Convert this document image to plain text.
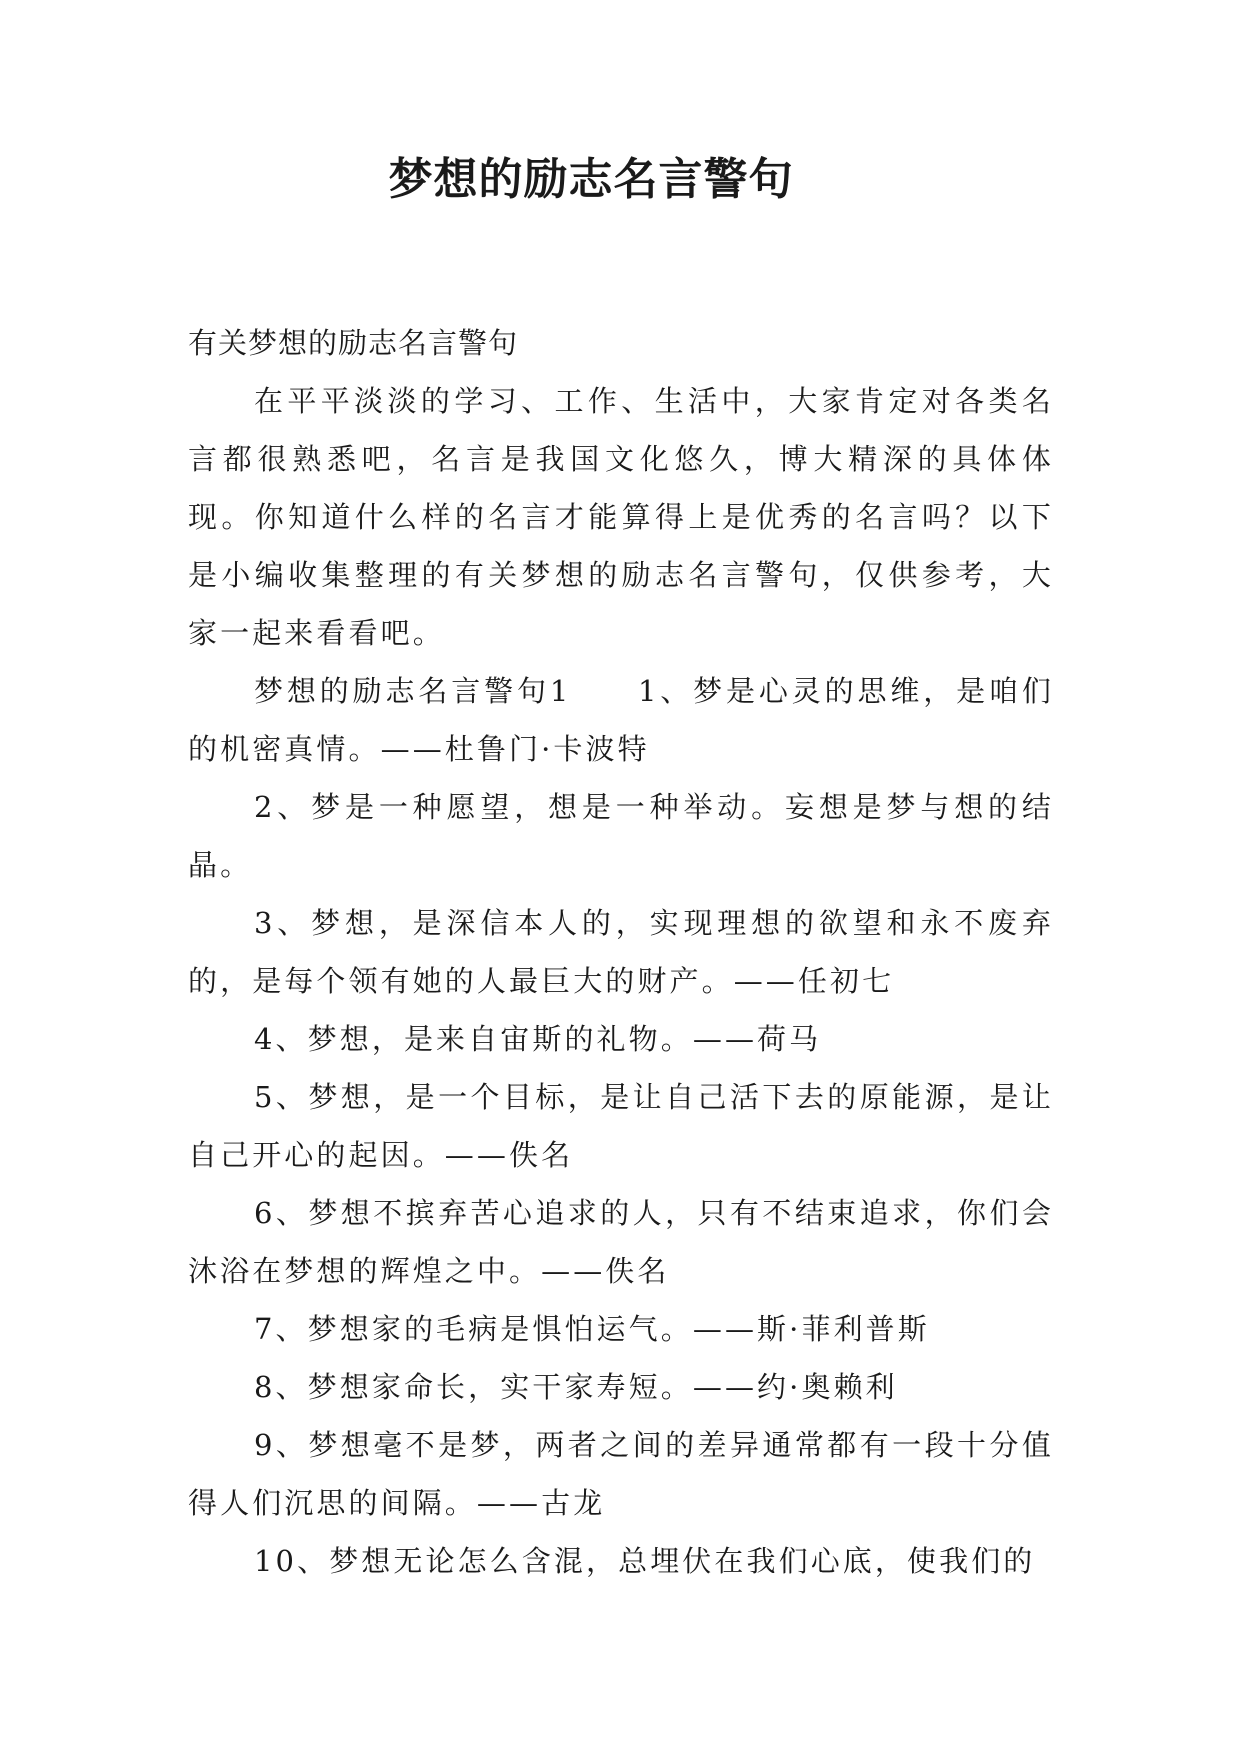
梦想的励志名言警句
有关梦想的励志名言警句

在平平淡淡的学习、工作、生活中，大家肯定对各类名言都很熟悉吧，名言是我国文化悠久，博大精深的具体体现。你知道什么样的名言才能算得上是优秀的名言吗？以下是小编收集整理的有关梦想的励志名言警句，仅供参考，大家一起来看看吧。

梦想的励志名言警句1　　1、梦是心灵的思维，是咱们的机密真情。——杜鲁门·卡波特

2、梦是一种愿望，想是一种举动。妄想是梦与想的结晶。

3、梦想，是深信本人的，实现理想的欲望和永不废弃的，是每个领有她的人最巨大的财产。——任初七

4、梦想，是来自宙斯的礼物。——荷马

5、梦想，是一个目标，是让自己活下去的原能源，是让自己开心的起因。——佚名

6、梦想不摈弃苦心追求的人，只有不结束追求，你们会沐浴在梦想的辉煌之中。——佚名

7、梦想家的毛病是惧怕运气。——斯·菲利普斯

8、梦想家命长，实干家寿短。——约·奥赖利

9、梦想毫不是梦，两者之间的差异通常都有一段十分值得人们沉思的间隔。——古龙

10、梦想无论怎么含混，总埋伏在我们心底，使我们的
